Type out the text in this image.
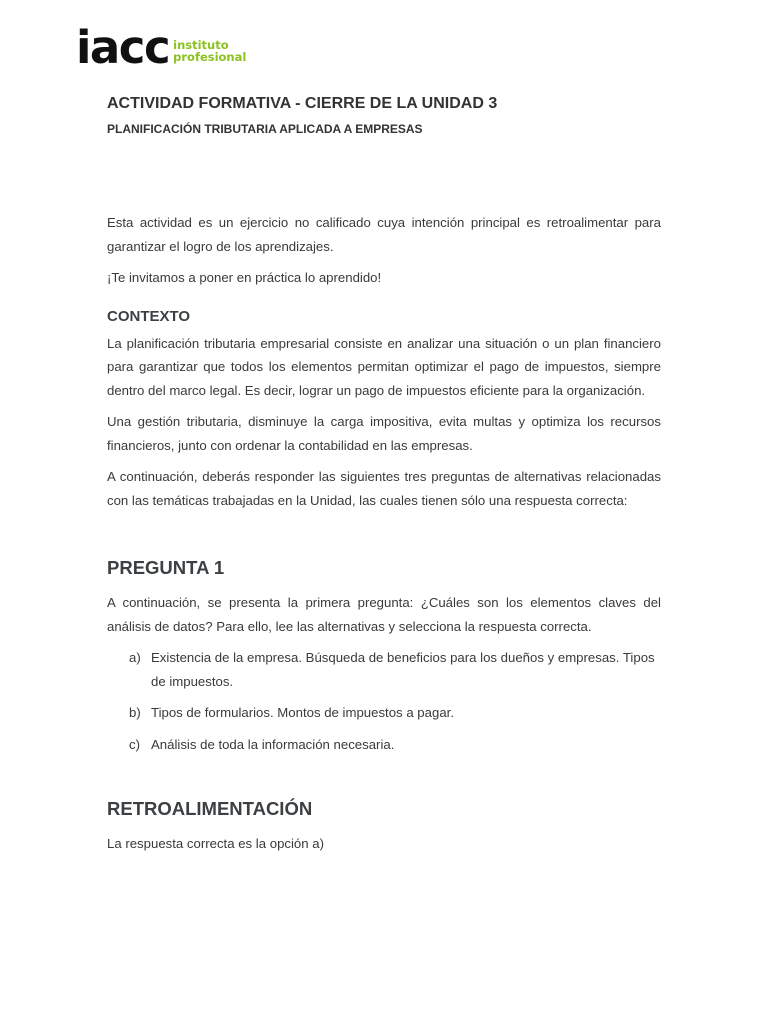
iacc instituto
profesional
ACTIVIDAD FORMATIVA - CIERRE DE LA UNIDAD 3
PLANIFICACIÓN TRIBUTARIA APLICADA A EMPRESAS

Esta actividad es un ejercicio no calificado cuya intención principal es retroalimentar para garantizar el logro de los aprendizajes.

¡Te invitamos a poner en práctica lo aprendido!

CONTEXTO

La planificación tributaria empresarial consiste en analizar una situación o un plan financiero para garantizar que todos los elementos permitan optimizar el pago de impuestos, siempre dentro del marco legal. Es decir, lograr un pago de impuestos eficiente para la organización.

Una gestión tributaria, disminuye la carga impositiva, evita multas y optimiza los recursos financieros, junto con ordenar la contabilidad en las empresas.

A continuación, deberás responder las siguientes tres preguntas de alternativas relacionadas con las temáticas trabajadas en la Unidad, las cuales tienen sólo una respuesta correcta:

PREGUNTA 1

A continuación, se presenta la primera pregunta: ¿Cuáles son los elementos claves del análisis de datos? Para ello, lee las alternativas y selecciona la respuesta correcta.

a) Existencia de la empresa. Búsqueda de beneficios para los dueños y empresas. Tipos de impuestos.
b) Tipos de formularios. Montos de impuestos a pagar.
c) Análisis de toda la información necesaria.
RETROALIMENTACIÓN

La respuesta correcta es la opción a)
